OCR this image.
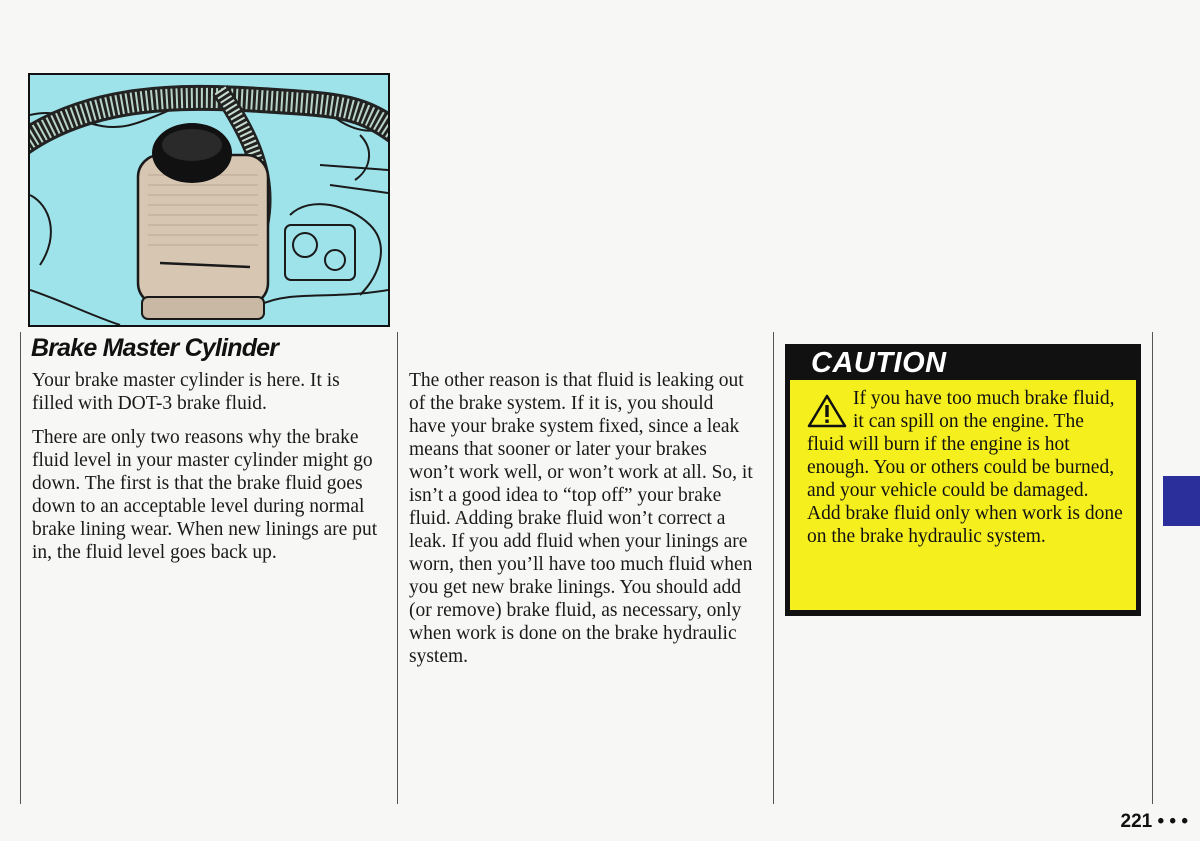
Brake Master Cylinder

Your brake master cylinder is here. It is filled with DOT-3 brake fluid.

There are only two reasons why the brake fluid level in your master cylinder might go down. The first is that the brake fluid goes down to an acceptable level during normal brake lining wear. When new linings are put in, the fluid level goes back up.

The other reason is that fluid is leaking out of the brake system. If it is, you should have your brake system fixed, since a leak means that sooner or later your brakes won’t work well, or won’t work at all. So, it isn’t a good idea to “top off” your brake fluid. Adding brake fluid won’t correct a leak. If you add fluid when your linings are worn, then you’ll have too much fluid when you get new brake linings. You should add (or remove) brake fluid, as necessary, only when work is done on the brake hydraulic system.

CAUTION
If you have too much brake fluid, it can spill on the engine. The fluid will burn if the engine is hot enough. You or others could be burned, and your vehicle could be damaged. Add brake fluid only when work is done on the brake hydraulic system.
221 • • •
